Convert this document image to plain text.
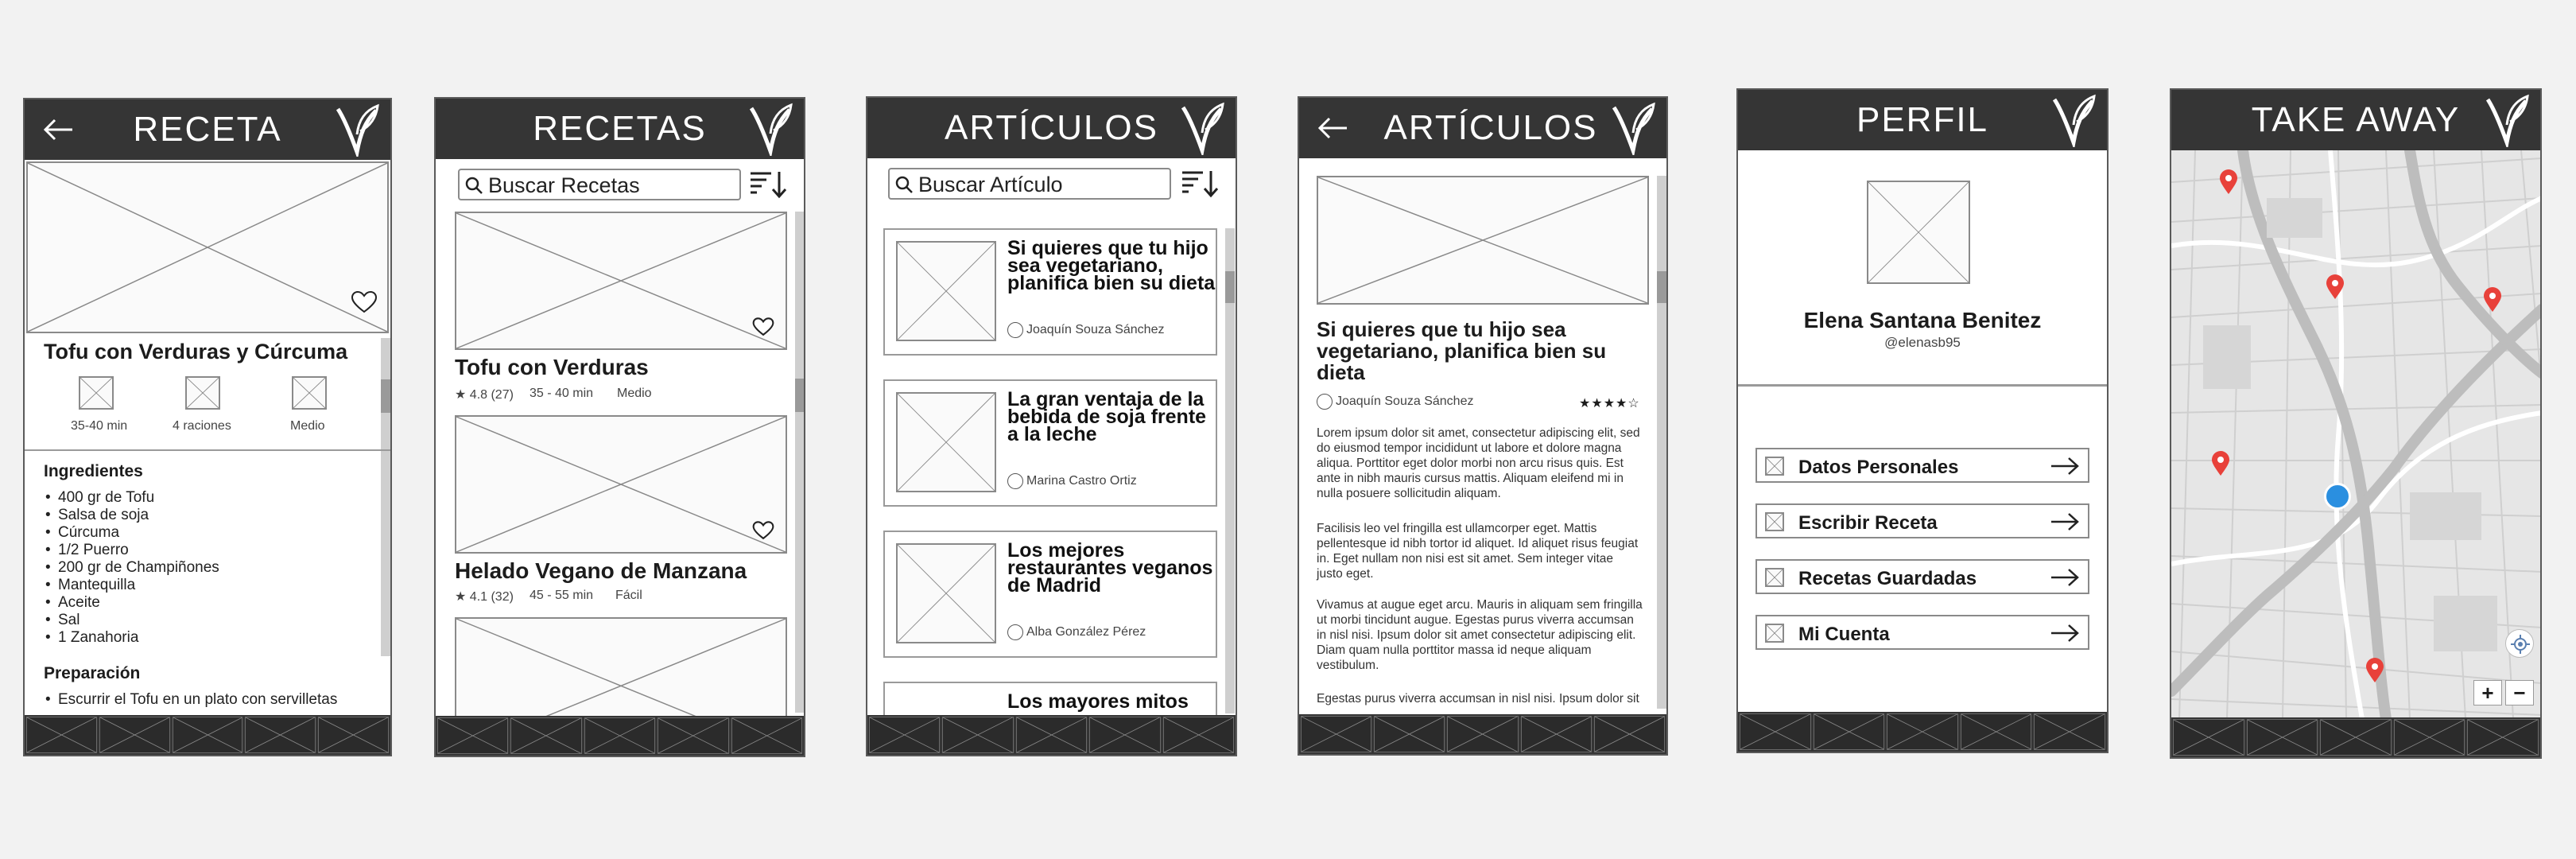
RECETA
Tofu con Verduras y Cúrcuma
35-40 min	4 raciones	Medio
Ingredientes
• 400 gr de Tofu
• Salsa de soja
• Cúrcuma
• 1/2 Puerro
• 200 gr de Champiñones
• Mantequilla
• Aceite
• Sal
• 1 Zanahoria
Preparación
• Escurrir el Tofu en un plato con servilletas
RECETAS
Buscar Recetas
Tofu con Verduras
★ 4.8 (27) 35 - 40 min Medio
Helado Vegano de Manzana
★ 4.1 (32) 45 - 55 min Fácil
ARTÍCULOS
Buscar Artículo
Si quieres que tu hijo sea vegetariano, planifica bien su dieta
Joaquín Souza Sánchez
La gran ventaja de la bebida de soja frente a la leche
Marina Castro Ortiz
Los mejores restaurantes veganos de Madrid
Alba González Pérez
Los mayores mitos
ARTÍCULOS
Si quieres que tu hijo sea vegetariano, planifica bien su dieta
Joaquín Souza Sánchez	★★★★☆
Lorem ipsum dolor sit amet, consectetur adipiscing elit, sed do eiusmod tempor incididunt ut labore et dolore magna aliqua. Porttitor eget dolor morbi non arcu risus quis. Est ante in nibh mauris cursus mattis. Aliquam eleifend mi in nulla posuere sollicitudin aliquam.
Facilisis leo vel fringilla est ullamcorper eget. Mattis pellentesque id nibh tortor id aliquet. Id aliquet risus feugiat in. Eget nullam non nisi est sit amet. Sem integer vitae justo eget.
Vivamus at augue eget arcu. Mauris in aliquam sem fringilla ut morbi tincidunt augue. Egestas purus viverra accumsan in nisl nisi. Ipsum dolor sit amet consectetur adipiscing elit. Diam quam nulla porttitor massa id neque aliquam vestibulum.
Egestas purus viverra accumsan in nisl nisi. Ipsum dolor sit
PERFIL
Elena Santana Benitez
@elenasb95
Datos Personales
Escribir Receta
Recetas Guardadas
Mi Cuenta
+ −
TAKE AWAY
